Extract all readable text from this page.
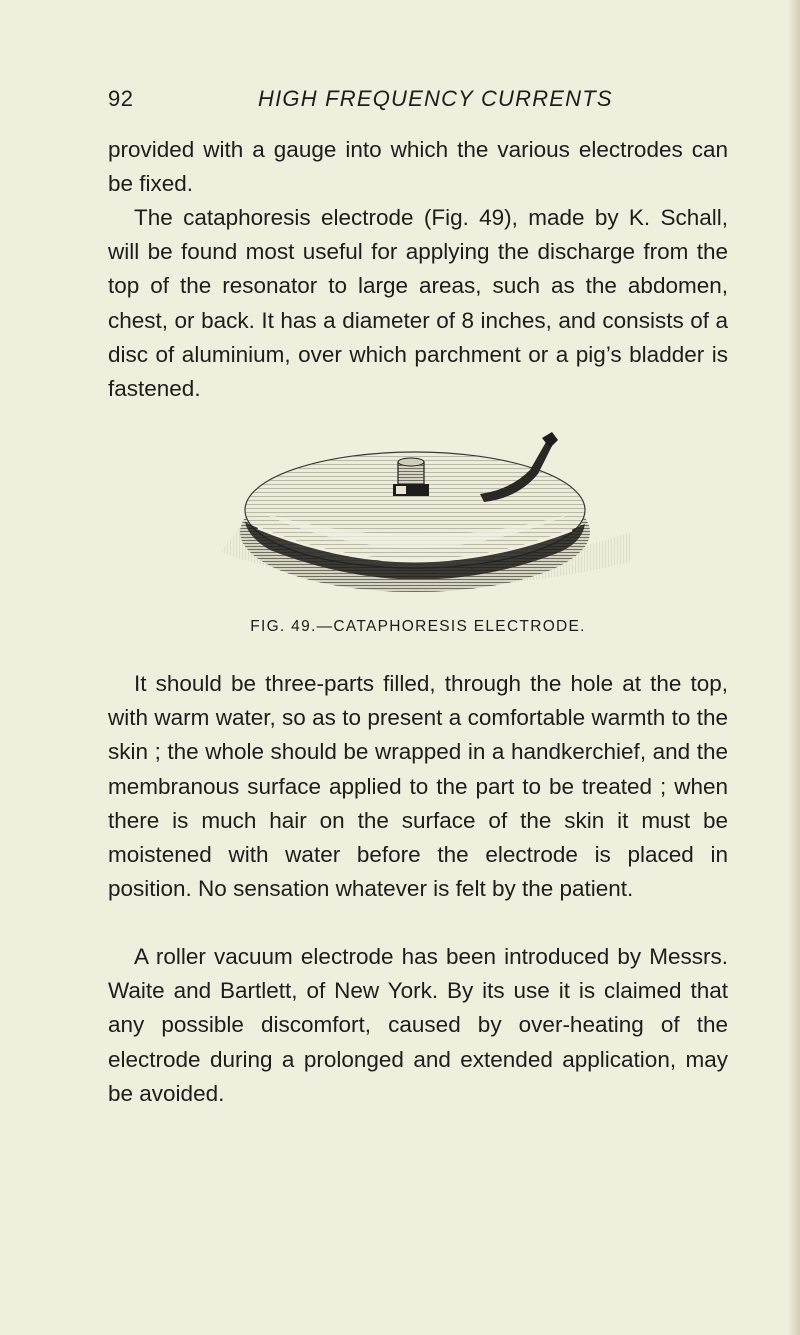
92	HIGH FREQUENCY CURRENTS

provided with a gauge into which the various electrodes can be fixed.

The cataphoresis electrode (Fig. 49), made by K. Schall, will be found most useful for applying the discharge from the top of the resonator to large areas, such as the abdomen, chest, or back. It has a diameter of 8 inches, and consists of a disc of aluminium, over which parchment or a pig’s bladder is fastened.

FIG. 49.—CATAPHORESIS ELECTRODE.

It should be three-parts filled, through the hole at the top, with warm water, so as to present a comfortable warmth to the skin ; the whole should be wrapped in a handkerchief, and the membranous surface applied to the part to be treated ; when there is much hair on the surface of the skin it must be moistened with water before the electrode is placed in position. No sensation whatever is felt by the patient.

A roller vacuum electrode has been introduced by Messrs. Waite and Bartlett, of New York. By its use it is claimed that any possible discomfort, caused by over-heating of the electrode during a prolonged and extended application, may be avoided.
